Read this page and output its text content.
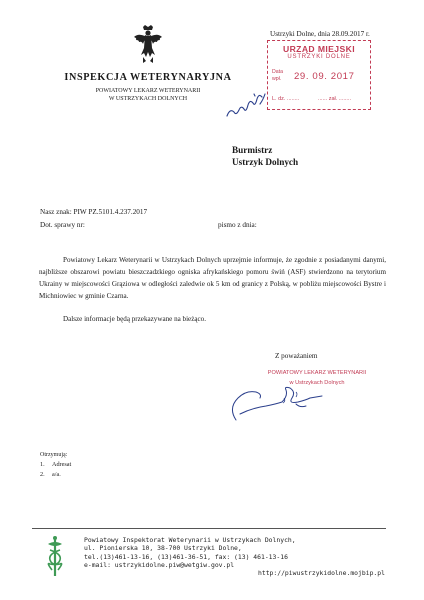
Ustrzyki Dolne, dnia 28.09.2017 r.
INSPEKCJA WETERYNARYJNA
POWIATOWY LEKARZ WETERYNARII
W USTRZYKACH DOLNYCH
URZĄD MIEJSKI
USTRZYKI DOLNE
Data
wpł. 29. 09. 2017
L. dz. ........	...... zał. ........
Burmistrz
Ustrzyk Dolnych
Nasz znak: PIW PZ.5101.4.237.2017
Dot. sprawy nr:	pismo z dnia:

Powiatowy Lekarz Weterynarii w Ustrzykach Dolnych uprzejmie informuje, że zgodnie z posiadanymi danymi, najbliższe obszarowi powiatu bieszczadzkiego ogniska afrykańskiego pomoru świń (ASF) stwierdzono na terytorium Ukrainy w miejscowości Grąziowa w odległości zaledwie ok 5 km od granicy z Polską, w pobliżu miejscowości Bystre i Michniowiec w gminie Czarna.

Dalsze informacje będą przekazywane na bieżąco.

Z poważaniem
POWIATOWY LEKARZ WETERYNARII
w Ustrzykach Dolnych
Otrzymują:
1. Adresat
2. a/a.
Powiatowy Inspektorat Weterynarii w Ustrzykach Dolnych,
ul. Pionierska 10, 38-700 Ustrzyki Dolne,
tel.(13)461-13-16, (13)461-36-51, fax: (13) 461-13-16
e-mail: ustrzykidolne.piw@wetgiw.gov.pl
http://piwustrzykidolne.mojbip.pl
